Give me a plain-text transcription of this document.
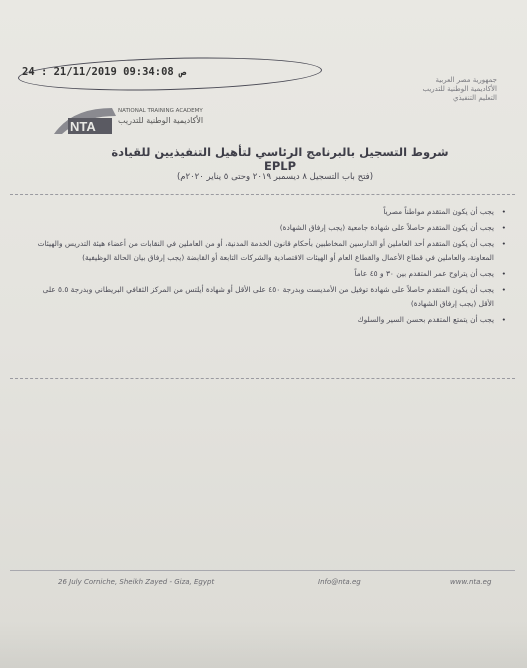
24 : 21/11/2019 09:34:08 ص
جمهورية مصر العربية
الأكاديمية الوطنية للتدريب
التعليم التنفيذي
NTA
NATIONAL TRAINING ACADEMY
الأكاديمية الوطنية للتدريب
شروط التسجيل بالبرنامج الرئاسي لتأهيل التنفيذيين للقيادة EPLP
(فتح باب التسجيل ٨ ديسمبر ٢٠١٩ وحتى ٥ يناير ٢٠٢٠م)
• يجب أن يكون المتقدم مواطناً مصرياً
• يجب أن يكون المتقدم حاصلاً على شهادة جامعية (يجب إرفاق الشهادة)
• يجب أن يكون المتقدم أحد العاملين أو الدارسين المخاطبين بأحكام قانون الخدمة المدنية، أو من العاملين في النقابات من أعضاء هيئة التدريس والهيئات المعاونة، والعاملين في قطاع الأعمال والقطاع العام أو الهيئات الاقتصادية والشركات التابعة أو القابضة (يجب إرفاق بيان الحالة الوظيفية)
• يجب أن يتراوح عمر المتقدم بين ٣٠ و ٤٥ عاماً
• يجب أن يكون المتقدم حاصلاً على شهادة توفيل من الأمديست وبدرجة ٤٥٠ على الأقل أو شهادة أيلتس من المركز الثقافي البريطاني وبدرجة ٥.٥ على الأقل (يجب إرفاق الشهادة)
• يجب أن يتمتع المتقدم بحسن السير والسلوك
26 July Corniche, Sheikh Zayed - Giza, Egypt	Info@nta.eg	www.nta.eg
